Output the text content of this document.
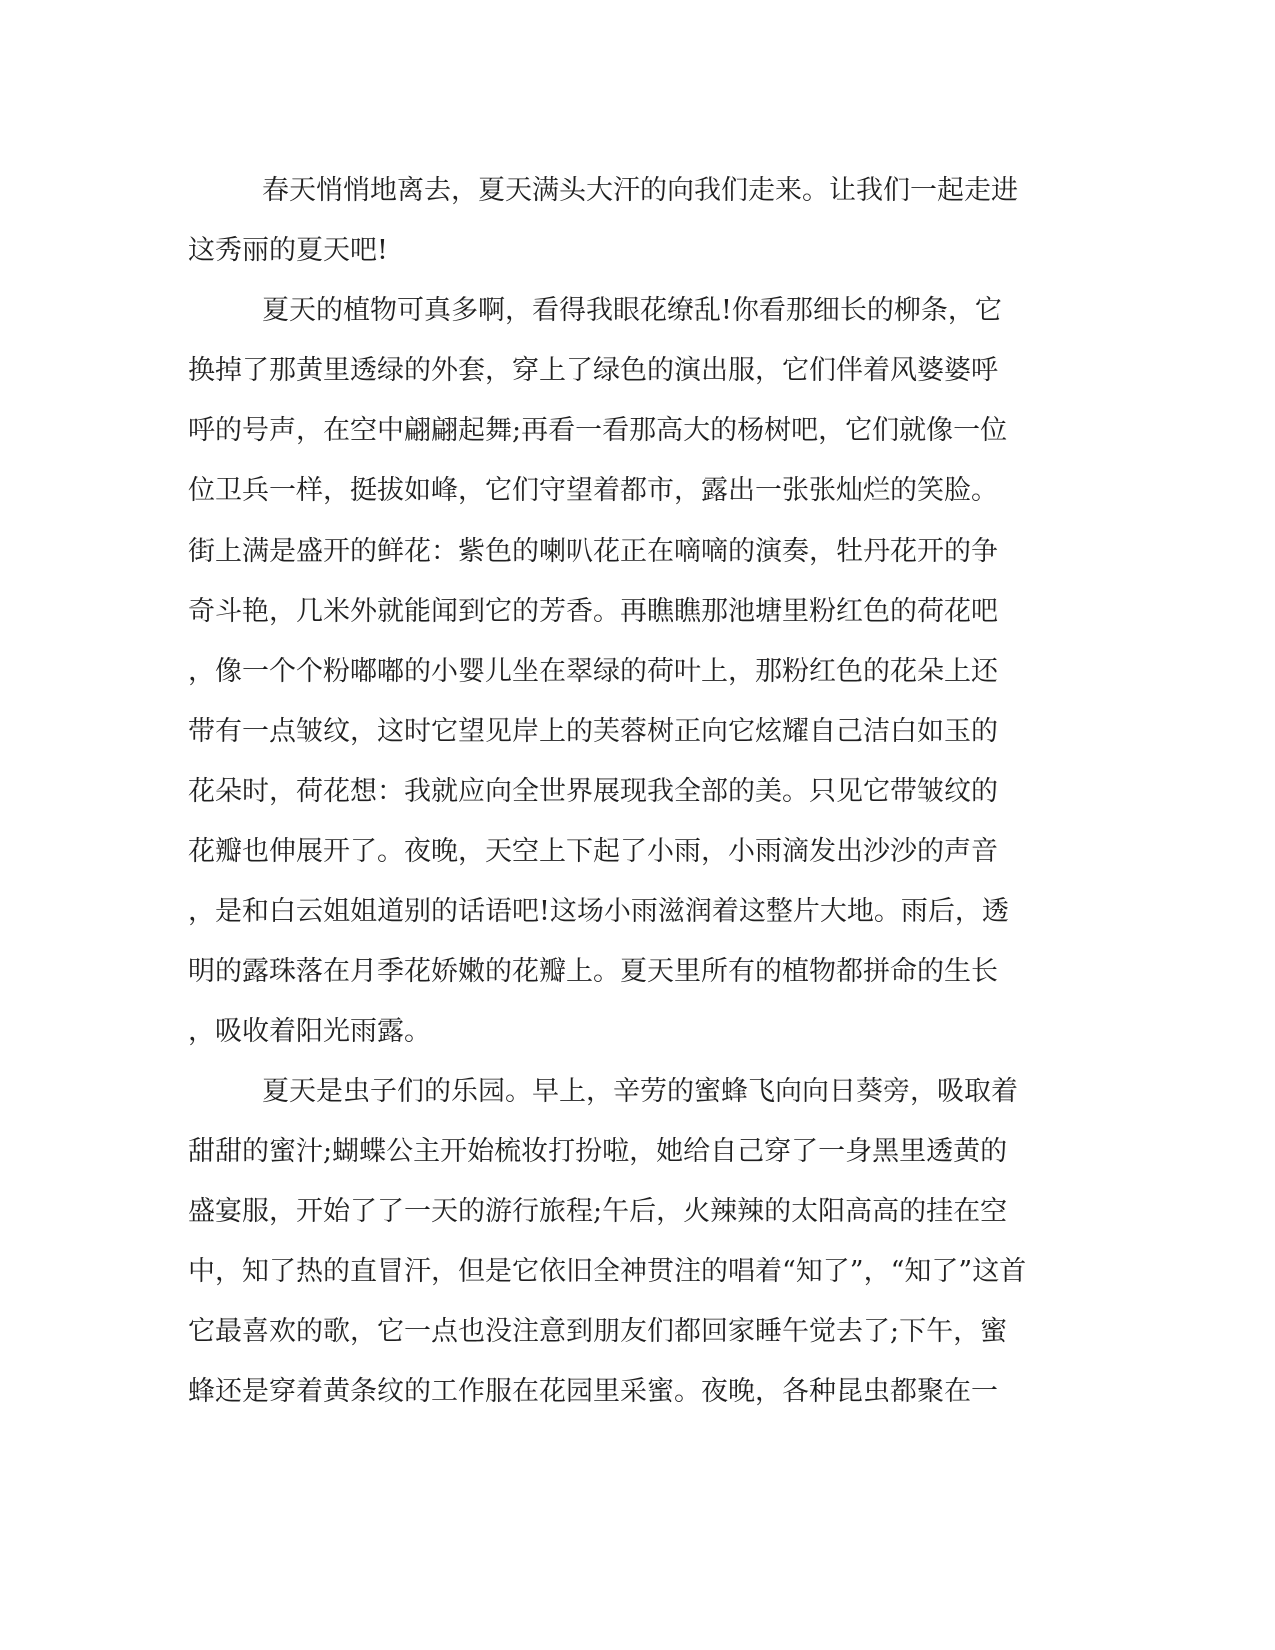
春天悄悄地离去，夏天满头大汗的向我们走来。让我们一起走进
这秀丽的夏天吧!
夏天的植物可真多啊，看得我眼花缭乱!你看那细长的柳条，它
换掉了那黄里透绿的外套，穿上了绿色的演出服，它们伴着风婆婆呼
呼的号声，在空中翩翩起舞;再看一看那高大的杨树吧，它们就像一位
位卫兵一样，挺拔如峰，它们守望着都市，露出一张张灿烂的笑脸。
街上满是盛开的鲜花：紫色的喇叭花正在嘀嘀的演奏，牡丹花开的争
奇斗艳，几米外就能闻到它的芳香。再瞧瞧那池塘里粉红色的荷花吧
，像一个个粉嘟嘟的小婴儿坐在翠绿的荷叶上，那粉红色的花朵上还
带有一点皱纹，这时它望见岸上的芙蓉树正向它炫耀自己洁白如玉的
花朵时，荷花想：我就应向全世界展现我全部的美。只见它带皱纹的
花瓣也伸展开了。夜晚，天空上下起了小雨，小雨滴发出沙沙的声音
，是和白云姐姐道别的话语吧!这场小雨滋润着这整片大地。雨后，透
明的露珠落在月季花娇嫩的花瓣上。夏天里所有的植物都拼命的生长
，吸收着阳光雨露。
夏天是虫子们的乐园。早上，辛劳的蜜蜂飞向向日葵旁，吸取着
甜甜的蜜汁;蝴蝶公主开始梳妆打扮啦，她给自己穿了一身黑里透黄的
盛宴服，开始了了一天的游行旅程;午后，火辣辣的太阳高高的挂在空
中，知了热的直冒汗，但是它依旧全神贯注的唱着“知了”，“知了”这首
它最喜欢的歌，它一点也没注意到朋友们都回家睡午觉去了;下午，蜜
蜂还是穿着黄条纹的工作服在花园里采蜜。夜晚，各种昆虫都聚在一
